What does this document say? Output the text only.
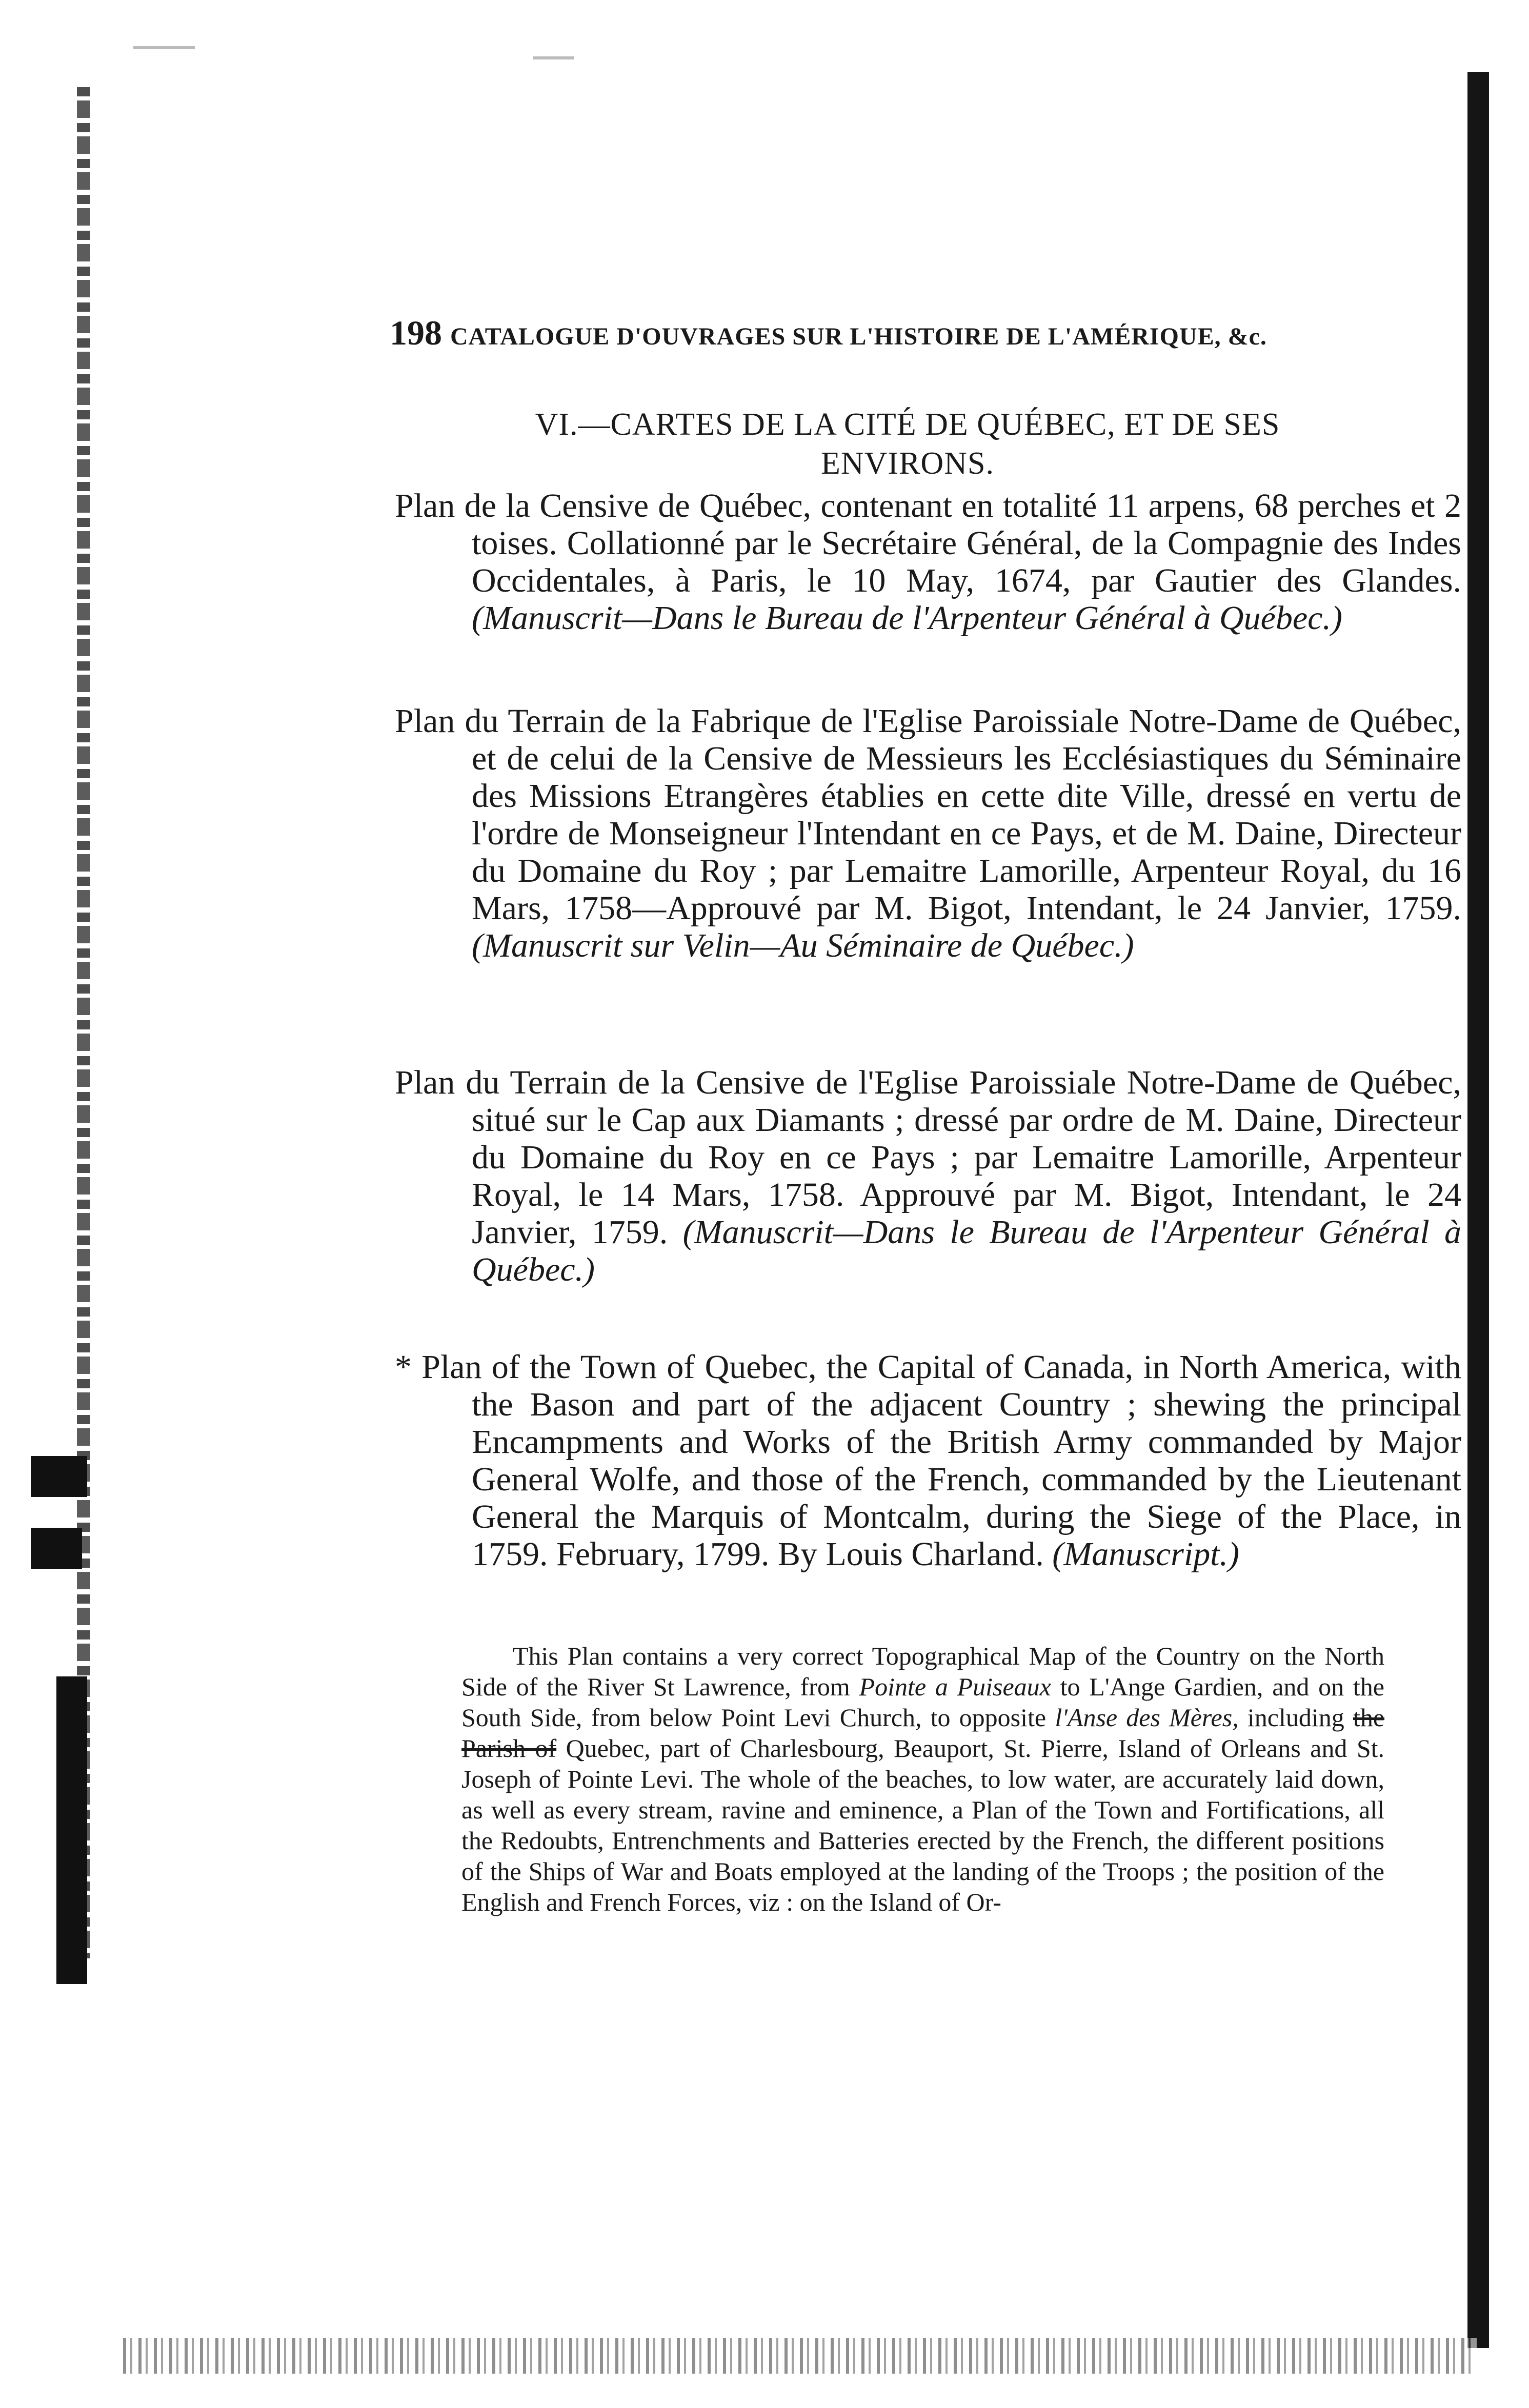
198 CATALOGUE D'OUVRAGES SUR L'HISTOIRE DE L'AMÉRIQUE, &c.
VI.—CARTES DE LA CITÉ DE QUÉBEC, ET DE SES ENVIRONS.
Plan de la Censive de Québec, contenant en totalité 11 arpens, 68 perches et 2 toises. Collationné par le Secrétaire Général, de la Compagnie des Indes Occidentales, à Paris, le 10 May, 1674, par Gautier des Glandes. (Manuscrit—Dans le Bureau de l'Arpenteur Général à Québec.)
Plan du Terrain de la Fabrique de l'Eglise Paroissiale Notre-Dame de Québec, et de celui de la Censive de Messieurs les Ecclésiastiques du Séminaire des Missions Etrangères établies en cette dite Ville, dressé en vertu de l'ordre de Monseigneur l'Intendant en ce Pays, et de M. Daine, Directeur du Domaine du Roy ; par Lemaitre Lamorille, Arpenteur Royal, du 16 Mars, 1758—Approuvé par M. Bigot, Intendant, le 24 Janvier, 1759. (Manuscrit sur Velin—Au Séminaire de Québec.)
Plan du Terrain de la Censive de l'Eglise Paroissiale Notre-Dame de Québec, situé sur le Cap aux Diamants ; dressé par ordre de M. Daine, Directeur du Domaine du Roy en ce Pays ; par Lemaitre Lamorille, Arpenteur Royal, le 14 Mars, 1758. Approuvé par M. Bigot, Intendant, le 24 Janvier, 1759. (Manuscrit—Dans le Bureau de l'Arpenteur Général à Québec.)
* Plan of the Town of Quebec, the Capital of Canada, in North America, with the Bason and part of the adjacent Country ; shewing the principal Encampments and Works of the British Army commanded by Major General Wolfe, and those of the French, commanded by the Lieutenant General the Marquis of Montcalm, during the Siege of the Place, in 1759. February, 1799. By Louis Charland. (Manuscript.)
This Plan contains a very correct Topographical Map of the Country on the North Side of the River St Lawrence, from Pointe a Puiseaux to L'Ange Gardien, and on the South Side, from below Point Levi Church, to opposite l'Anse des Mères, including the Parish of Quebec, part of Charlesbourg, Beauport, St. Pierre, Island of Orleans and St. Joseph of Pointe Levi. The whole of the beaches, to low water, are accurately laid down, as well as every stream, ravine and eminence, a Plan of the Town and Fortifications, all the Redoubts, Entrenchments and Batteries erected by the French, the different positions of the Ships of War and Boats employed at the landing of the Troops ; the position of the English and French Forces, viz : on the Island of Or-
